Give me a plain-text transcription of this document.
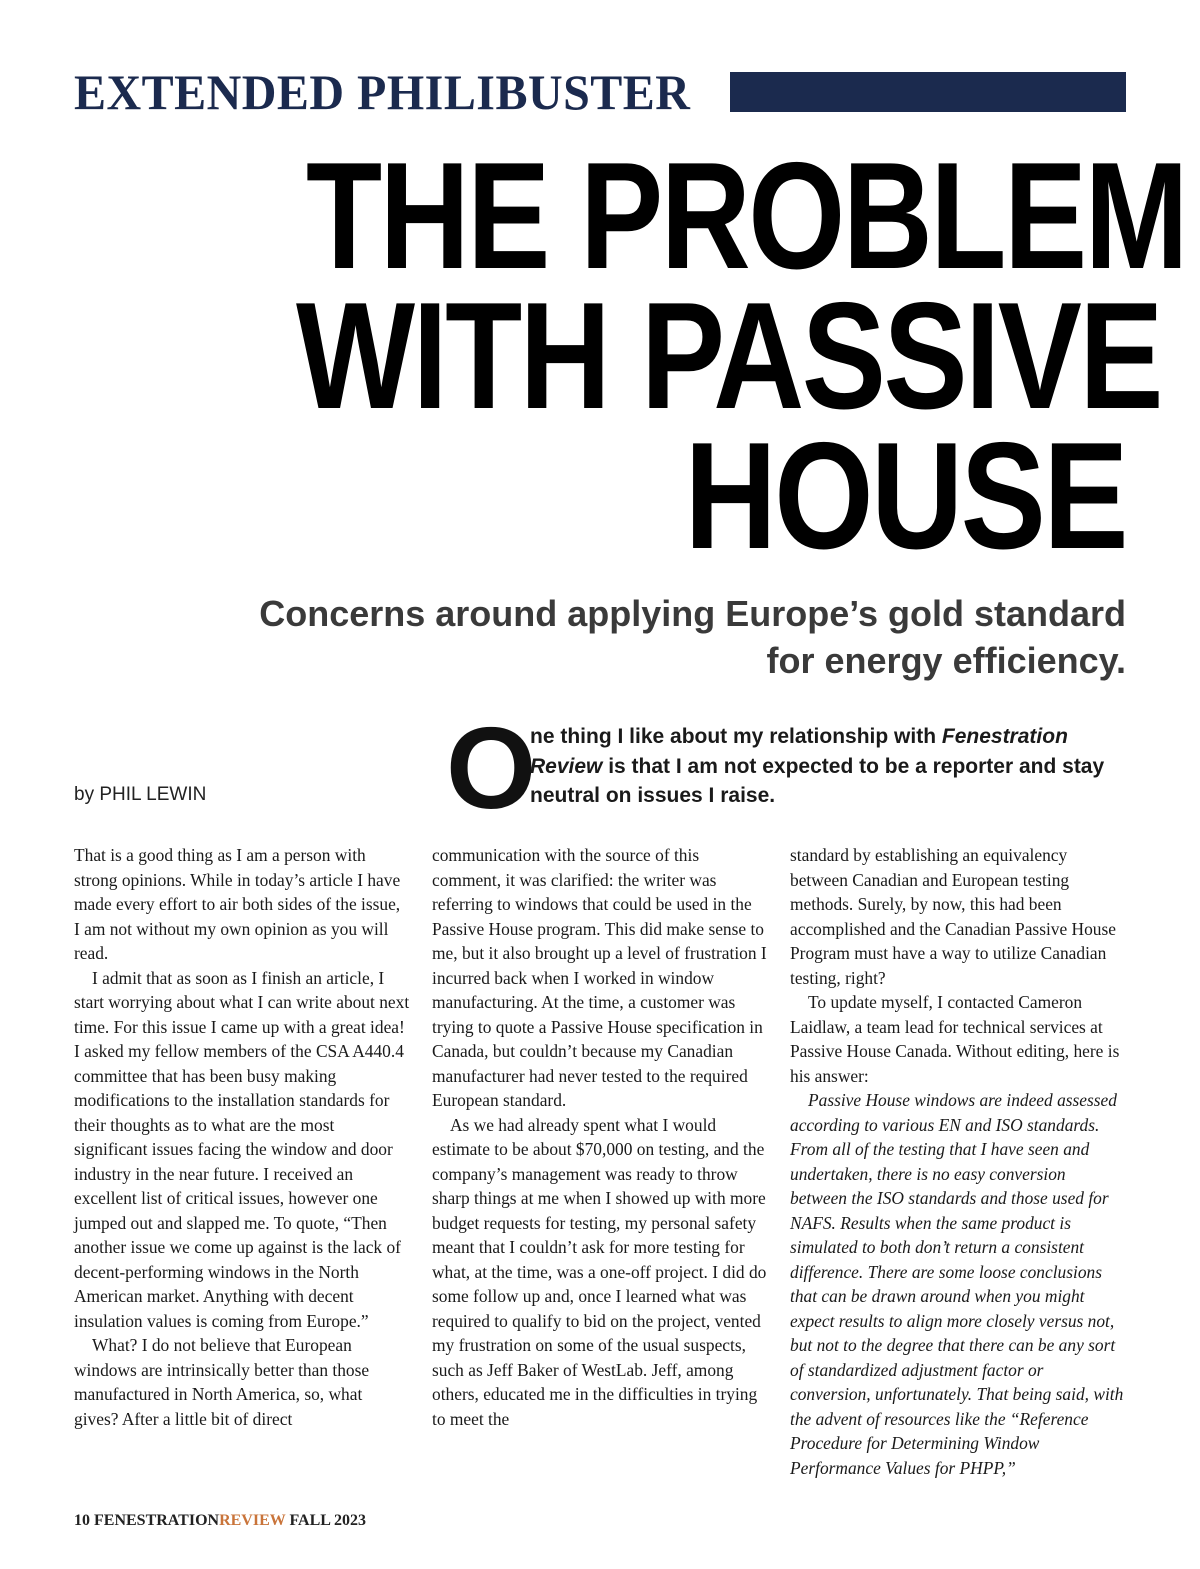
EXTENDED PHILIBUSTER
THE PROBLEM
WITH PASSIVE
HOUSE
Concerns around applying Europe’s gold standard
for energy efficiency.
by PHIL LEWIN O

ne thing I like about my relationship with Fenestration Review is that I am not expected to be a reporter and stay neutral on issues I raise.

That is a good thing as I am a person with strong opinions. While in today’s article I have made every effort to air both sides of the issue, I am not without my own opinion as you will read.

I admit that as soon as I finish an article, I start worrying about what I can write about next time. For this issue I came up with a great idea! I asked my fellow members of the CSA A440.4 committee that has been busy making modifications to the installation standards for their thoughts as to what are the most significant issues facing the window and door industry in the near future. I received an excellent list of critical issues, however one jumped out and slapped me. To quote, “Then another issue we come up against is the lack of decent-performing windows in the North American market. Anything with decent insulation values is coming from Europe.”

What? I do not believe that European windows are intrinsically better than those manufactured in North America, so, what gives? After a little bit of direct

communication with the source of this comment, it was clarified: the writer was referring to windows that could be used in the Passive House program. This did make sense to me, but it also brought up a level of frustration I incurred back when I worked in window manufacturing. At the time, a customer was trying to quote a Passive House specification in Canada, but couldn’t because my Canadian manufacturer had never tested to the required European standard.

As we had already spent what I would estimate to be about $70,000 on testing, and the company’s management was ready to throw sharp things at me when I showed up with more budget requests for testing, my personal safety meant that I couldn’t ask for more testing for what, at the time, was a one-off project. I did do some follow up and, once I learned what was required to qualify to bid on the project, vented my frustration on some of the usual suspects, such as Jeff Baker of WestLab. Jeff, among others, educated me in the difficulties in trying to meet the

standard by establishing an equivalency between Canadian and European testing methods. Surely, by now, this had been accomplished and the Canadian Passive House Program must have a way to utilize Canadian testing, right?

To update myself, I contacted Cameron Laidlaw, a team lead for technical services at Passive House Canada. Without editing, here is his answer:

Passive House windows are indeed assessed according to various EN and ISO standards. From all of the testing that I have seen and undertaken, there is no easy conversion between the ISO standards and those used for NAFS. Results when the same product is simulated to both don’t return a consistent difference. There are some loose conclusions that can be drawn around when you might expect results to align more closely versus not, but not to the degree that there can be any sort of standardized adjustment factor or conversion, unfortunately. That being said, with the advent of resources like the “Reference Procedure for Determining Window Performance Values for PHPP,”

10 FENESTRATIONREVIEW FALL 2023
